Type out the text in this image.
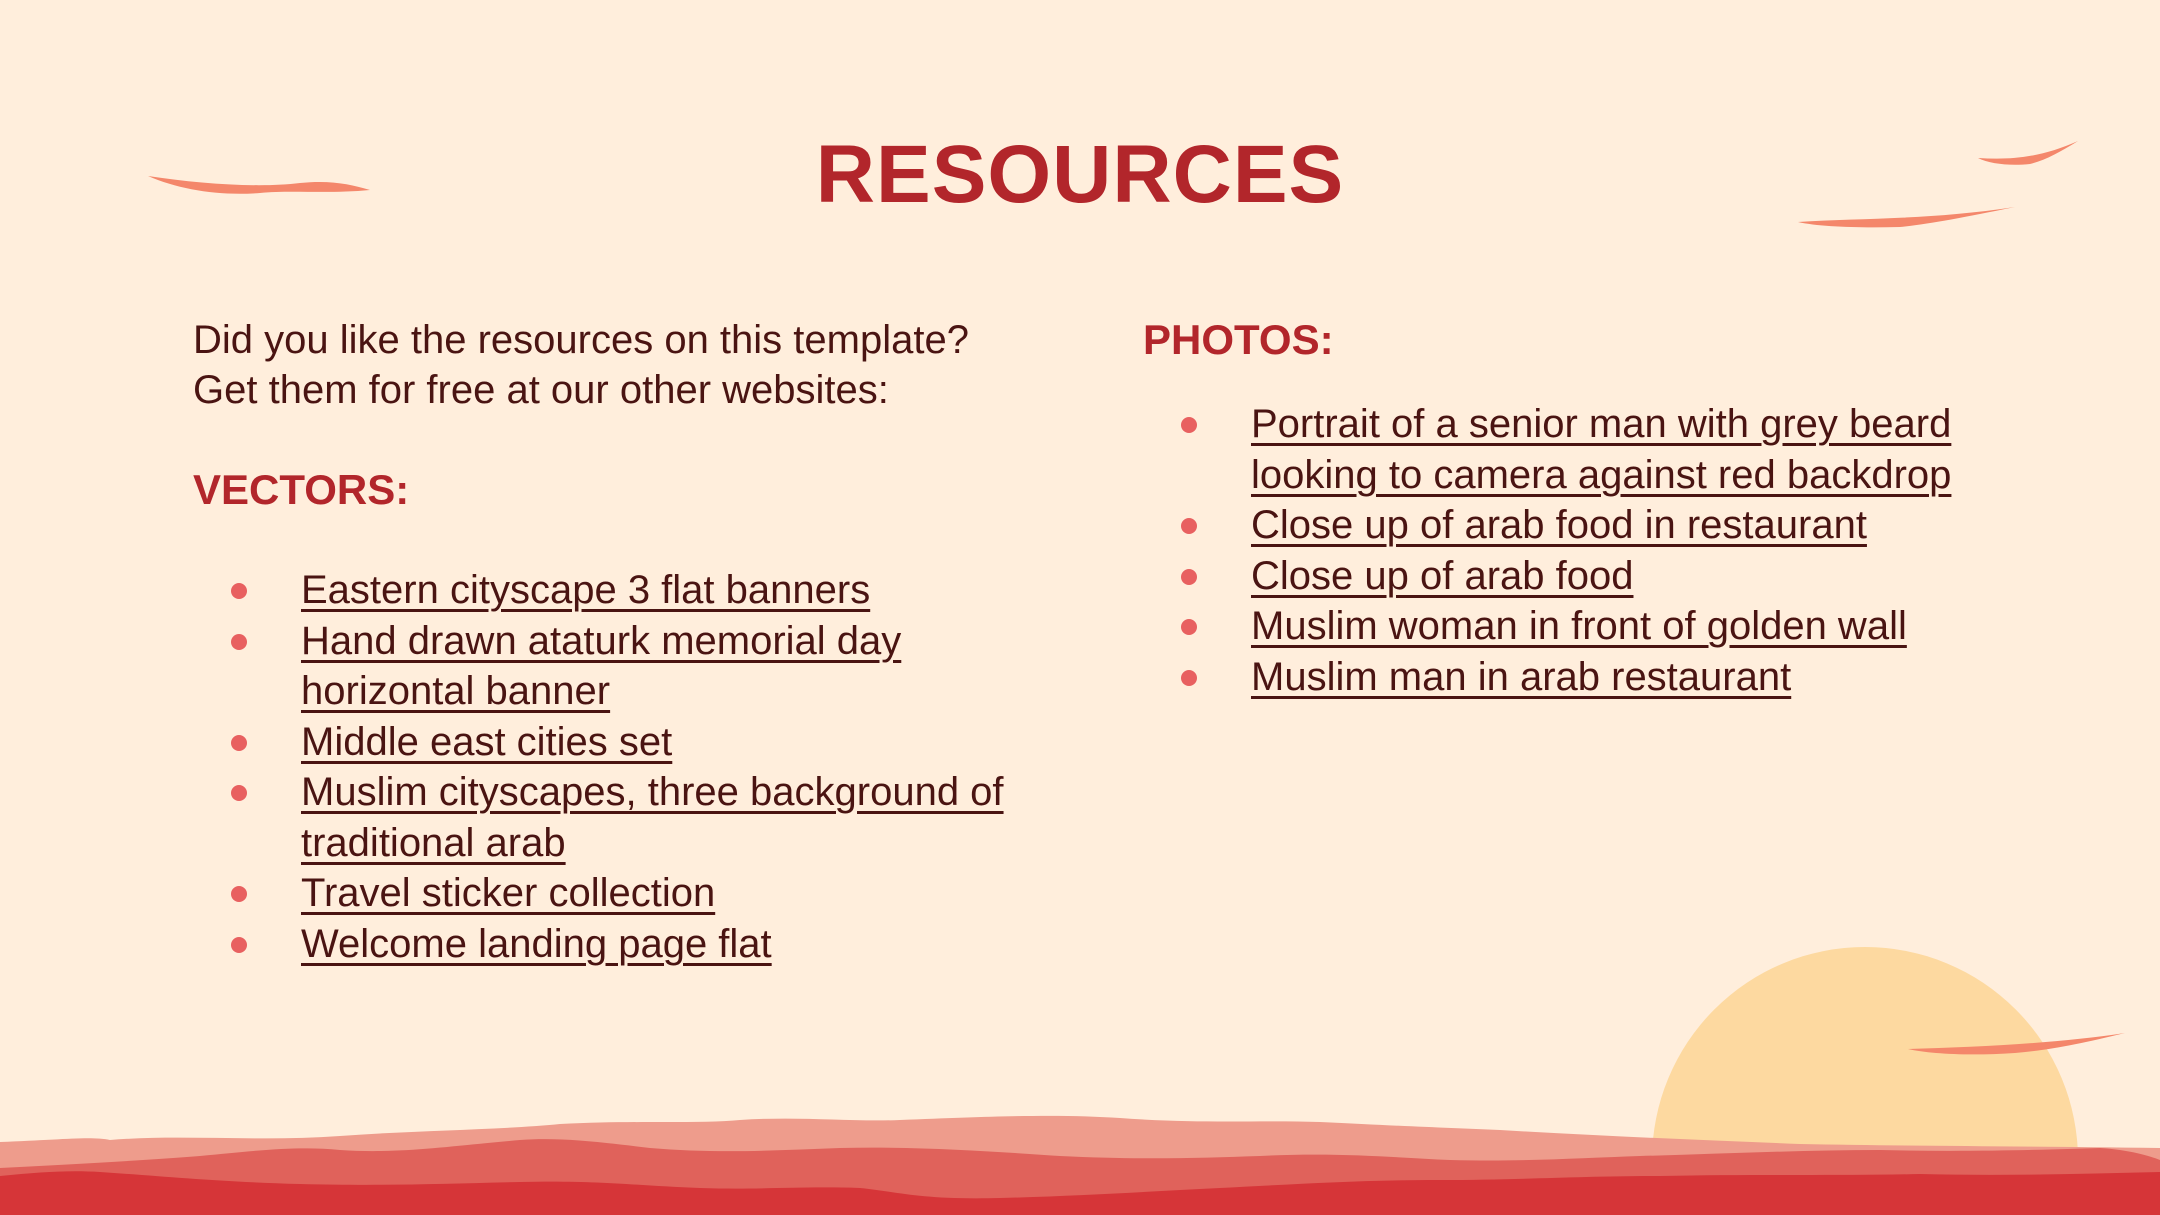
RESOURCES

Did you like the resources on this template?

Get them for free at our other websites:

VECTORS:

Eastern cityscape 3 flat banners
Hand drawn ataturk memorial day horizontal banner
Middle east cities set
Muslim cityscapes, three background of traditional arab
Travel sticker collection
Welcome landing page flat

PHOTOS:

Portrait of a senior man with grey beard looking to camera against red backdrop
Close up of arab food in restaurant
Close up of arab food
Muslim woman in front of golden wall
Muslim man in arab restaurant
